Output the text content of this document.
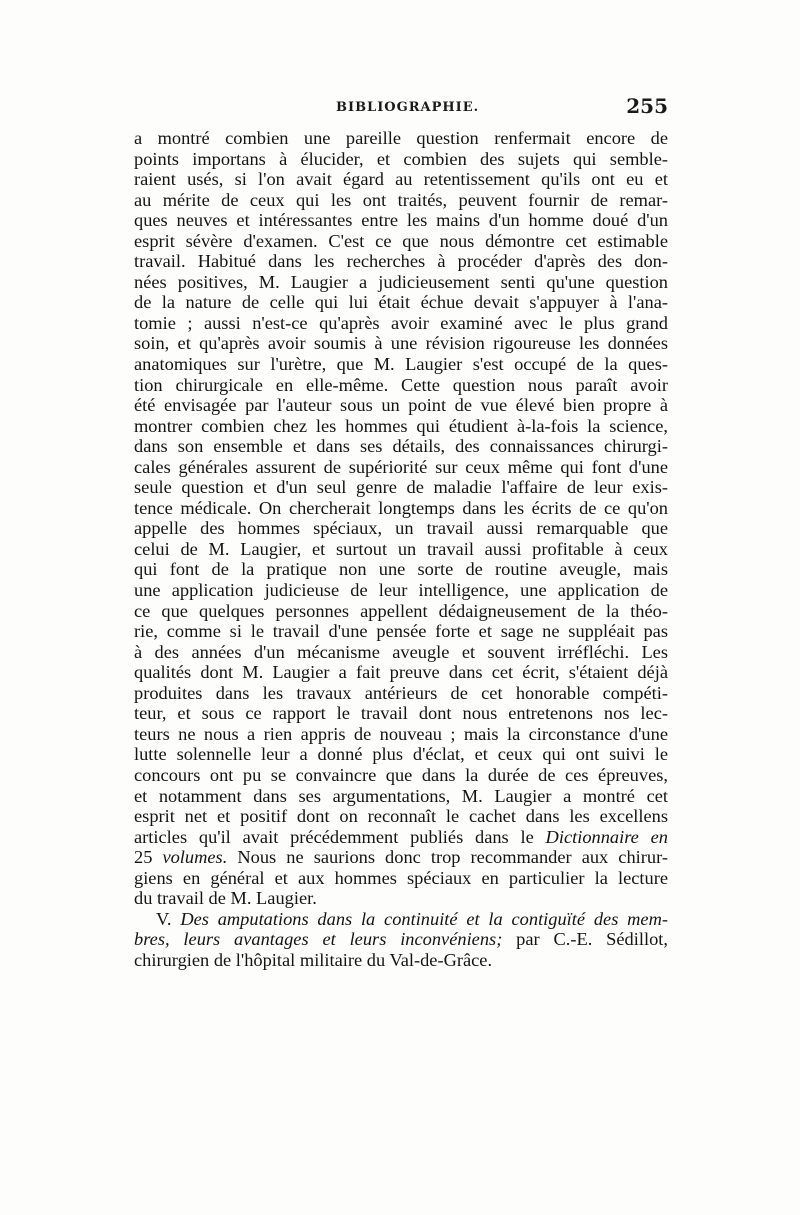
BIBLIOGRAPHIE.	255
a montré combien une pareille question renfermait encore de
points importans à élucider, et combien des sujets qui semble-
raient usés, si l'on avait égard au retentissement qu'ils ont eu et
au mérite de ceux qui les ont traités, peuvent fournir de remar-
ques neuves et intéressantes entre les mains d'un homme doué d'un
esprit sévère d'examen. C'est ce que nous démontre cet estimable
travail. Habitué dans les recherches à procéder d'après des don-
nées positives, M. Laugier a judicieusement senti qu'une question
de la nature de celle qui lui était échue devait s'appuyer à l'ana-
tomie ; aussi n'est-ce qu'après avoir examiné avec le plus grand
soin, et qu'après avoir soumis à une révision rigoureuse les données
anatomiques sur l'urètre, que M. Laugier s'est occupé de la ques-
tion chirurgicale en elle-même. Cette question nous paraît avoir
été envisagée par l'auteur sous un point de vue élevé bien propre à
montrer combien chez les hommes qui étudient à-la-fois la science,
dans son ensemble et dans ses détails, des connaissances chirurgi-
cales générales assurent de supériorité sur ceux même qui font d'une
seule question et d'un seul genre de maladie l'affaire de leur exis-
tence médicale. On chercherait longtemps dans les écrits de ce qu'on
appelle des hommes spéciaux, un travail aussi remarquable que
celui de M. Laugier, et surtout un travail aussi profitable à ceux
qui font de la pratique non une sorte de routine aveugle, mais
une application judicieuse de leur intelligence, une application de
ce que quelques personnes appellent dédaigneusement de la théo-
rie, comme si le travail d'une pensée forte et sage ne suppléait pas
à des années d'un mécanisme aveugle et souvent irréfléchi. Les
qualités dont M. Laugier a fait preuve dans cet écrit, s'étaient déjà
produites dans les travaux antérieurs de cet honorable compéti-
teur, et sous ce rapport le travail dont nous entretenons nos lec-
teurs ne nous a rien appris de nouveau ; mais la circonstance d'une
lutte solennelle leur a donné plus d'éclat, et ceux qui ont suivi le
concours ont pu se convaincre que dans la durée de ces épreuves,
et notamment dans ses argumentations, M. Laugier a montré cet
esprit net et positif dont on reconnaît le cachet dans les excellens
articles qu'il avait précédemment publiés dans le Dictionnaire en
25 volumes. Nous ne saurions donc trop recommander aux chirur-
giens en général et aux hommes spéciaux en particulier la lecture
du travail de M. Laugier.
V. Des amputations dans la continuité et la contiguïté des mem-
bres, leurs avantages et leurs inconvéniens; par C.-E. Sédillot,
chirurgien de l'hôpital militaire du Val-de-Grâce.
